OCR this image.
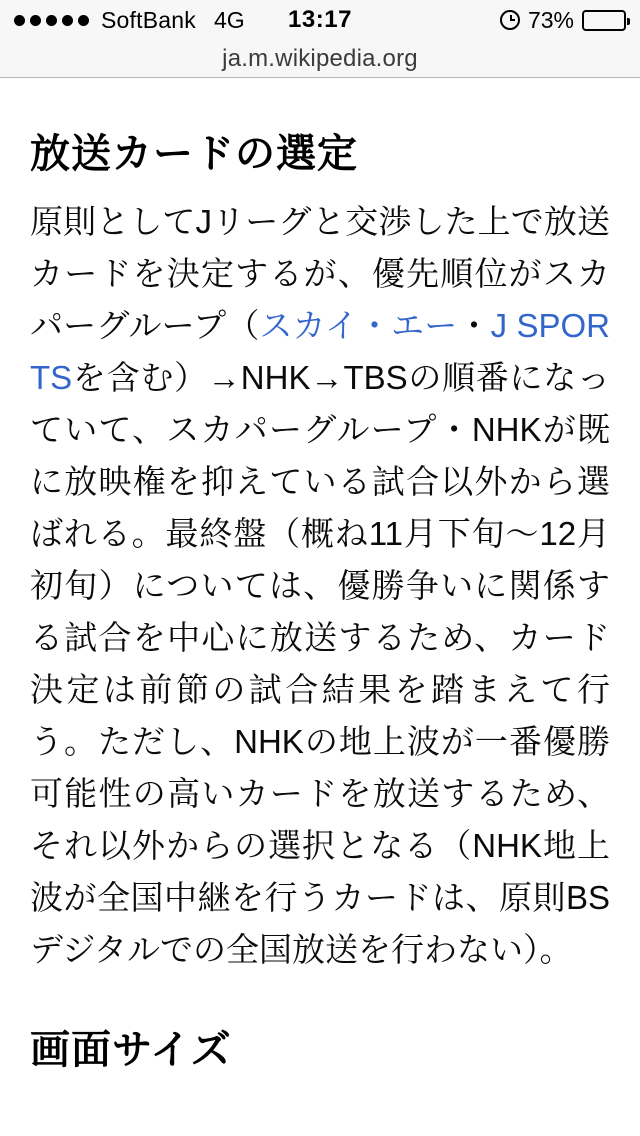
SoftBank 4G	13:17	73%
ja.m.wikipedia.org
放送カードの選定

原則としてJリーグと交渉した上で放送カードを決定するが、優先順位がスカパーグループ（スカイ・エー・J SPORTSを含む）→NHK→TBSの順番になっていて、スカパーグループ・NHKが既に放映権を抑えている試合以外から選ばれる。最終盤（概ね11月下旬〜12月初旬）については、優勝争いに関係する試合を中心に放送するため、カード決定は前節の試合結果を踏まえて行う。ただし、NHKの地上波が一番優勝可能性の高いカードを放送するため、それ以外からの選択となる（NHK地上波が全国中継を行うカードは、原則BSデジタルでの全国放送を行わない）。

画面サイズ
